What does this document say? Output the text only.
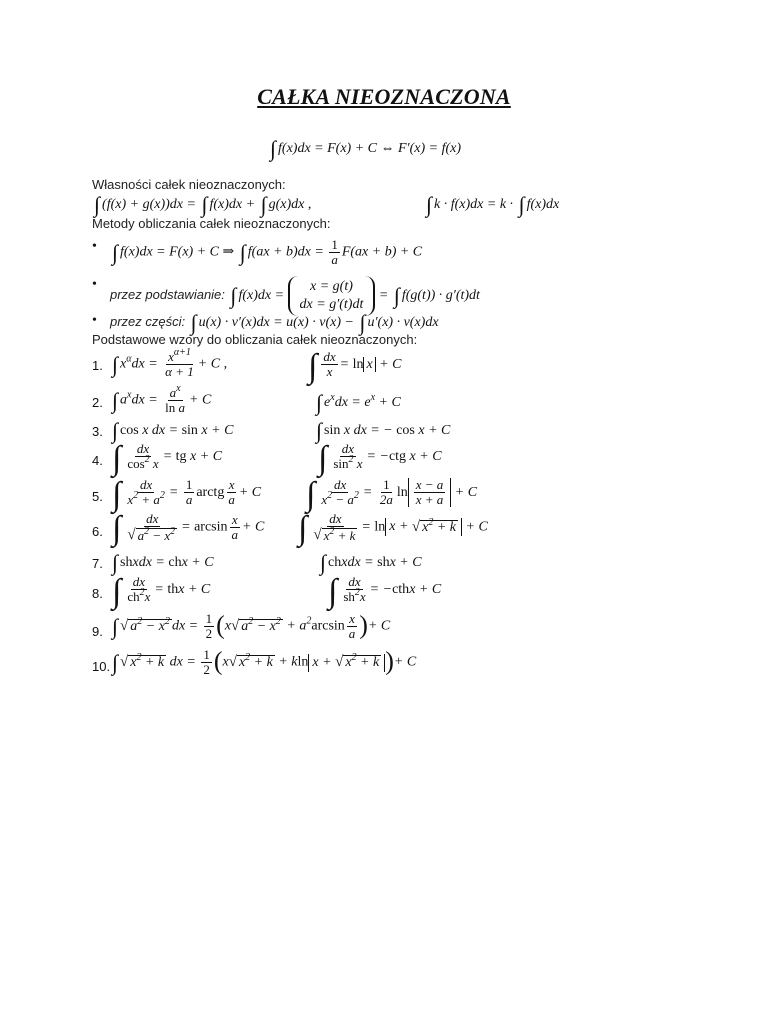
CAŁKA NIEOZNACZONA
∫ f(x)dx = F(x) + C ⇔ F′(x) = f(x)
Własności całek nieoznaczonych:
∫ (f(x) + g(x))dx = ∫ f(x)dx + ∫ g(x)dx ,	∫ k · f(x)dx = k · ∫ f(x)dx
Metody obliczania całek nieoznaczonych:
• ∫ f(x)dx = F(x) + C ⇒ ∫ $f(ax + b)dx = \frac{1}{a} F(ax + b) + C$
• przez podstawianie: ∫ f(x)dx =
x = g(t)
dx = g′(t)dt
= ∫ f(g(t)) · g′(t)dt
• przez części: ∫ u(x) · v′(x)dx = u(x) · v(x) − ∫ u′(x) · v(x)dx
Podstawowe wzory do obliczania całek nieoznaczonych:
1. ∫ $x^\alpha dx = \frac{x^{\alpha+1}}{\alpha + 1} + C$ , ∫ $\frac{dx}{x} = \ln x + C$
2. ∫ $a^xdx = \frac{a^x}{\text{ln a}} + C$	∫ $e^xdx = e^x + C$
3. ∫ cos x dx = sin x + C	∫ sin x dx = − cos x + C
4. ∫ $\frac{dx}{\cos^2 x}$ = tg x + C	∫ $\frac{dx}{\sin^2 x} = -ctg$ x + C
5. ∫ $\frac{dx}{x^2 + a^2} = \frac{1}{a}$ arctg $\frac{x}{a} + C$ ∫ $\frac{dx}{x^2 - a^2} = \frac{1}{2a}$ $\ln \frac{x - a}{x + a} + C$
6. ∫ $\frac{dx}{√ a^2 - x^2} = \arcsin \frac{x}{a} + C$ ∫ $\frac{dx}{√ x^2 + k} = \ln x$ + √ $x^2 + k + C$
7. ∫ shxdx = chx + C	∫ chxdx = shx + C
8. ∫ $\frac{dx}{ch^2x}$ = thx + C	∫ $\frac{dx}{sh^2x}$ = −cthx + C
9. ∫ √ $a^2 - x^2$ dx = $\frac{1}{2} (x$ √ $a^2 - x^2 + a^2\arcsin \frac{x}{a}$ )+ C
10. ∫ √ $x^2 + k$ dx = $\frac{1}{2} (x$ √ $x^2 + k + kln$ x + √ $x^2 + k$ )+ C
